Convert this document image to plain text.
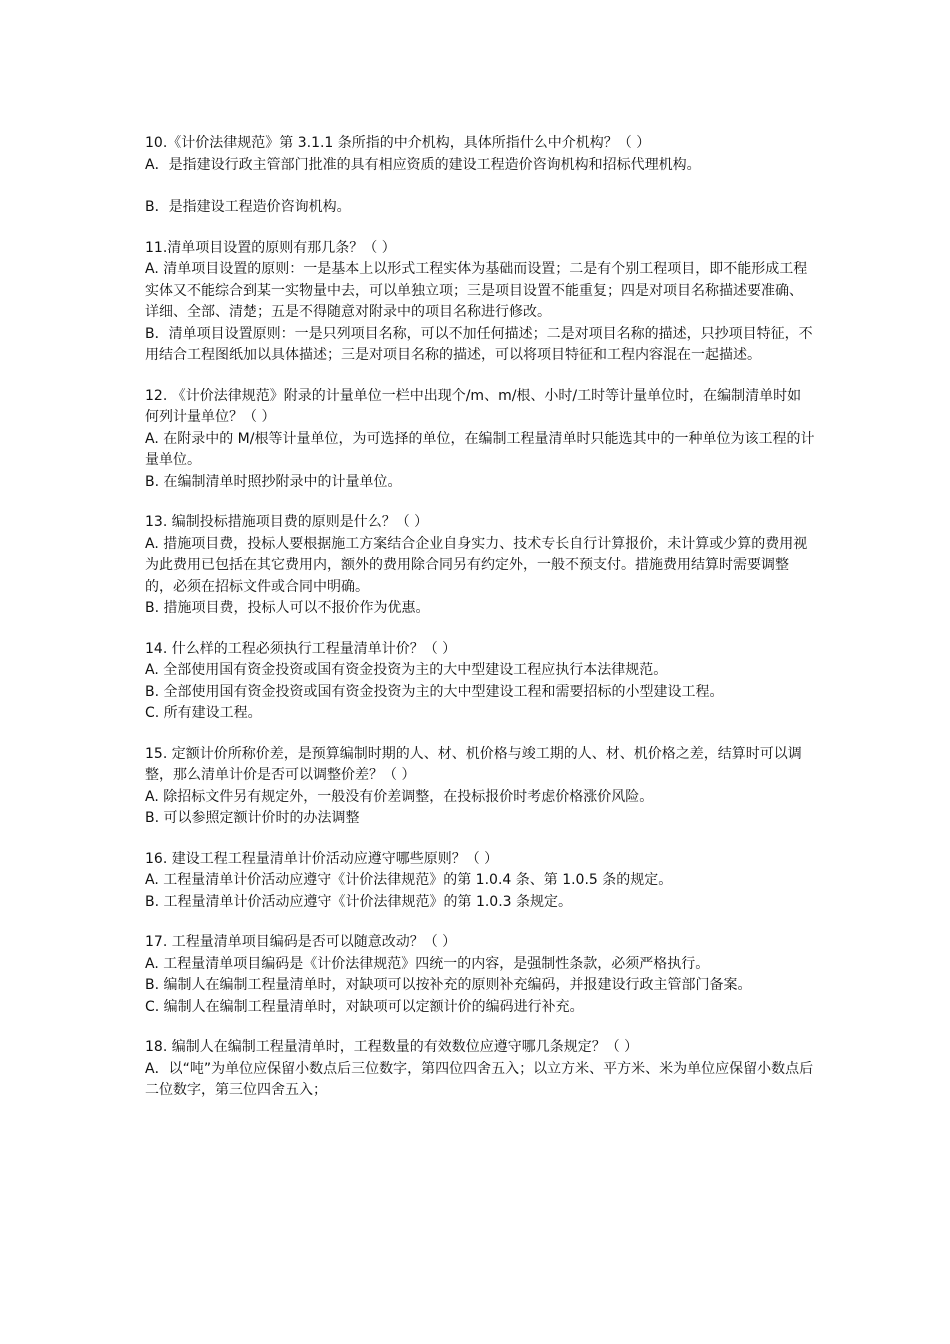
10.《计价法律规范》第 3.1.1 条所指的中介机构，具体所指什么中介机构？（ ）

A．是指建设行政主管部门批准的具有相应资质的建设工程造价咨询机构和招标代理机构。

B．是指建设工程造价咨询机构。

11.清单项目设置的原则有那几条？（ ）

A. 清单项目设置的原则：一是基本上以形式工程实体为基础而设置；二是有个别工程项目，即不能形成工程实体又不能综合到某一实物量中去，可以单独立项；三是项目设置不能重复；四是对项目名称描述要准确、详细、全部、清楚；五是不得随意对附录中的项目名称进行修改。

B．清单项目设置原则：一是只列项目名称，可以不加任何描述；二是对项目名称的描述，只抄项目特征，不用结合工程图纸加以具体描述；三是对项目名称的描述，可以将项目特征和工程内容混在一起描述。

12. 《计价法律规范》附录的计量单位一栏中出现个/m、m/根、小时/工时等计量单位时，在编制清单时如何列计量单位？（ ）

A. 在附录中的 M/根等计量单位，为可选择的单位，在编制工程量清单时只能选其中的一种单位为该工程的计量单位。

B. 在编制清单时照抄附录中的计量单位。

13. 编制投标措施项目费的原则是什么？（ ）

A. 措施项目费，投标人要根据施工方案结合企业自身实力、技术专长自行计算报价，未计算或少算的费用视为此费用已包括在其它费用内，额外的费用除合同另有约定外，一般不预支付。措施费用结算时需要调整的，必须在招标文件或合同中明确。

B. 措施项目费，投标人可以不报价作为优惠。

14. 什么样的工程必须执行工程量清单计价？（ ）

A. 全部使用国有资金投资或国有资金投资为主的大中型建设工程应执行本法律规范。

B. 全部使用国有资金投资或国有资金投资为主的大中型建设工程和需要招标的小型建设工程。

C. 所有建设工程。

15. 定额计价所称价差，是预算编制时期的人、材、机价格与竣工期的人、材、机价格之差，结算时可以调整，那么清单计价是否可以调整价差？（ ）

A. 除招标文件另有规定外，一般没有价差调整，在投标报价时考虑价格涨价风险。

B. 可以参照定额计价时的办法调整

16. 建设工程工程量清单计价活动应遵守哪些原则？（ ）

A. 工程量清单计价活动应遵守《计价法律规范》的第 1.0.4 条、第 1.0.5 条的规定。

B. 工程量清单计价活动应遵守《计价法律规范》的第 1.0.3 条规定。

17. 工程量清单项目编码是否可以随意改动？（ ）

A. 工程量清单项目编码是《计价法律规范》四统一的内容，是强制性条款，必须严格执行。

B. 编制人在编制工程量清单时，对缺项可以按补充的原则补充编码，并报建设行政主管部门备案。

C. 编制人在编制工程量清单时，对缺项可以定额计价的编码进行补充。

18. 编制人在编制工程量清单时，工程数量的有效数位应遵守哪几条规定？（ ）

A．以“吨”为单位应保留小数点后三位数字，第四位四舍五入；以立方米、平方米、米为单位应保留小数点后二位数字，第三位四舍五入；
